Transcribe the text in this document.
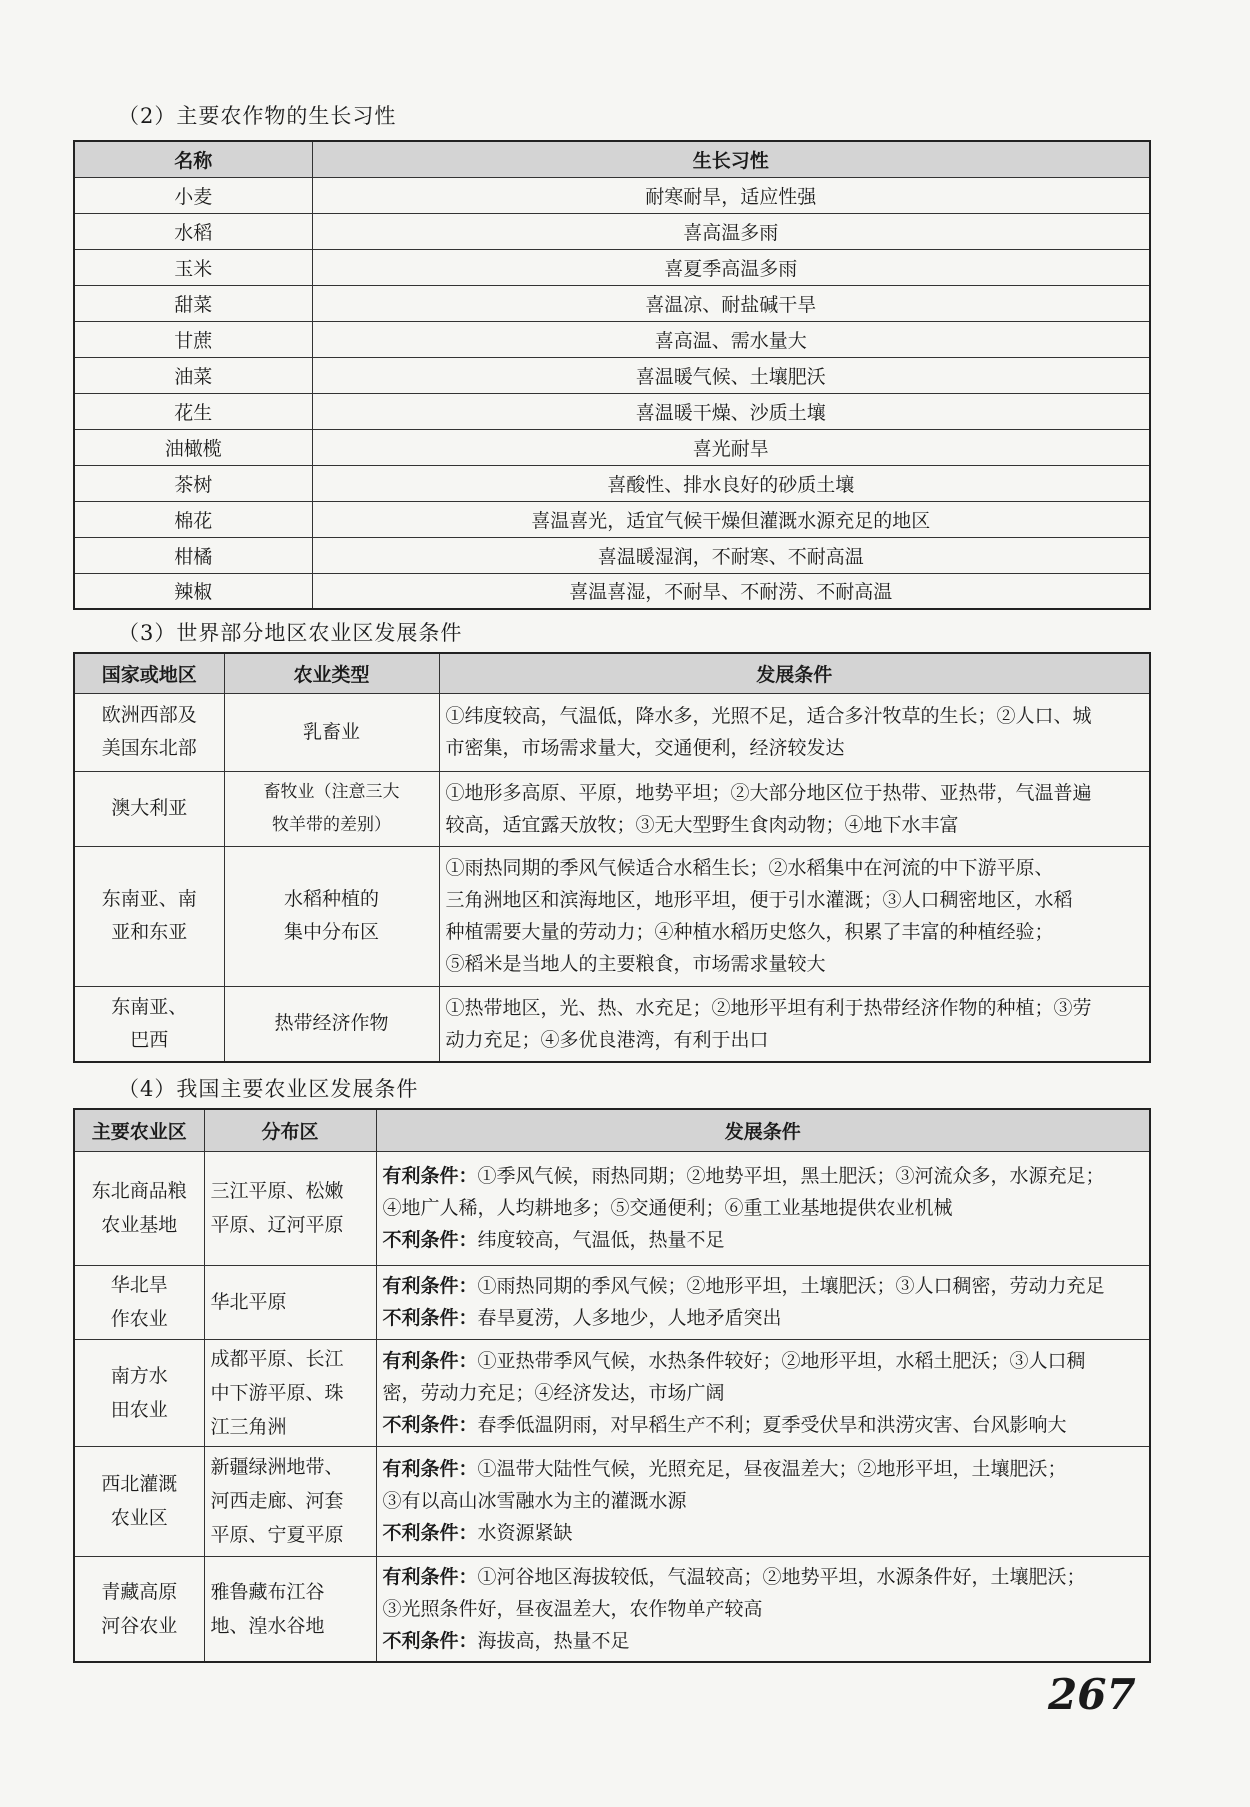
（2）主要农作物的生长习性
名称	生长习性
小麦	耐寒耐旱，适应性强
水稻	喜高温多雨
玉米	喜夏季高温多雨
甜菜	喜温凉、耐盐碱干旱
甘蔗	喜高温、需水量大
油菜	喜温暖气候、土壤肥沃
花生	喜温暖干燥、沙质土壤
油橄榄	喜光耐旱
茶树	喜酸性、排水良好的砂质土壤
棉花	喜温喜光，适宜气候干燥但灌溉水源充足的地区
柑橘	喜温暖湿润，不耐寒、不耐高温
辣椒	喜温喜湿，不耐旱、不耐涝、不耐高温
（3）世界部分地区农业区发展条件
国家或地区	农业类型	发展条件

欧洲西部及
美国东北部	乳畜业	①纬度较高，气温低，降水多，光照不足，适合多汁牧草的生长；②人口、城
市密集，市场需求量大，交通便利，经济较发达

澳大利亚	畜牧业（注意三大
牧羊带的差别）	①地形多高原、平原，地势平坦；②大部分地区位于热带、亚热带，气温普遍
较高，适宜露天放牧；③无大型野生食肉动物；④地下水丰富

东南亚、南
亚和东亚	水稻种植的
集中分布区	①雨热同期的季风气候适合水稻生长；②水稻集中在河流的中下游平原、
三角洲地区和滨海地区，地形平坦，便于引水灌溉；③人口稠密地区，水稻
种植需要大量的劳动力；④种植水稻历史悠久，积累了丰富的种植经验；
⑤稻米是当地人的主要粮食，市场需求量较大

东南亚、
巴西	热带经济作物	①热带地区，光、热、水充足；②地形平坦有利于热带经济作物的种植；③劳
动力充足；④多优良港湾，有利于出口
（4）我国主要农业区发展条件
主要农业区	分布区	发展条件

东北商品粮
农业基地	三江平原、松嫩
平原、辽河平原	有利条件：①季风气候，雨热同期；②地势平坦，黑土肥沃；③河流众多，水源充足；
④地广人稀，人均耕地多；⑤交通便利；⑥重工业基地提供农业机械
不利条件：纬度较高，气温低，热量不足

华北旱
作农业	华北平原	有利条件：①雨热同期的季风气候；②地形平坦，土壤肥沃；③人口稠密，劳动力充足
不利条件：春旱夏涝，人多地少，人地矛盾突出

南方水
田农业	成都平原、长江
中下游平原、珠
江三角洲	有利条件：①亚热带季风气候，水热条件较好；②地形平坦，水稻土肥沃；③人口稠
密，劳动力充足；④经济发达，市场广阔
不利条件：春季低温阴雨，对早稻生产不利；夏季受伏旱和洪涝灾害、台风影响大

西北灌溉
农业区	新疆绿洲地带、
河西走廊、河套
平原、宁夏平原	有利条件：①温带大陆性气候，光照充足，昼夜温差大；②地形平坦，土壤肥沃；
③有以高山冰雪融水为主的灌溉水源
不利条件：水资源紧缺

青藏高原
河谷农业	雅鲁藏布江谷
地、湟水谷地	有利条件：①河谷地区海拔较低，气温较高；②地势平坦，水源条件好，土壤肥沃；
③光照条件好，昼夜温差大，农作物单产较高
不利条件：海拔高，热量不足
267
